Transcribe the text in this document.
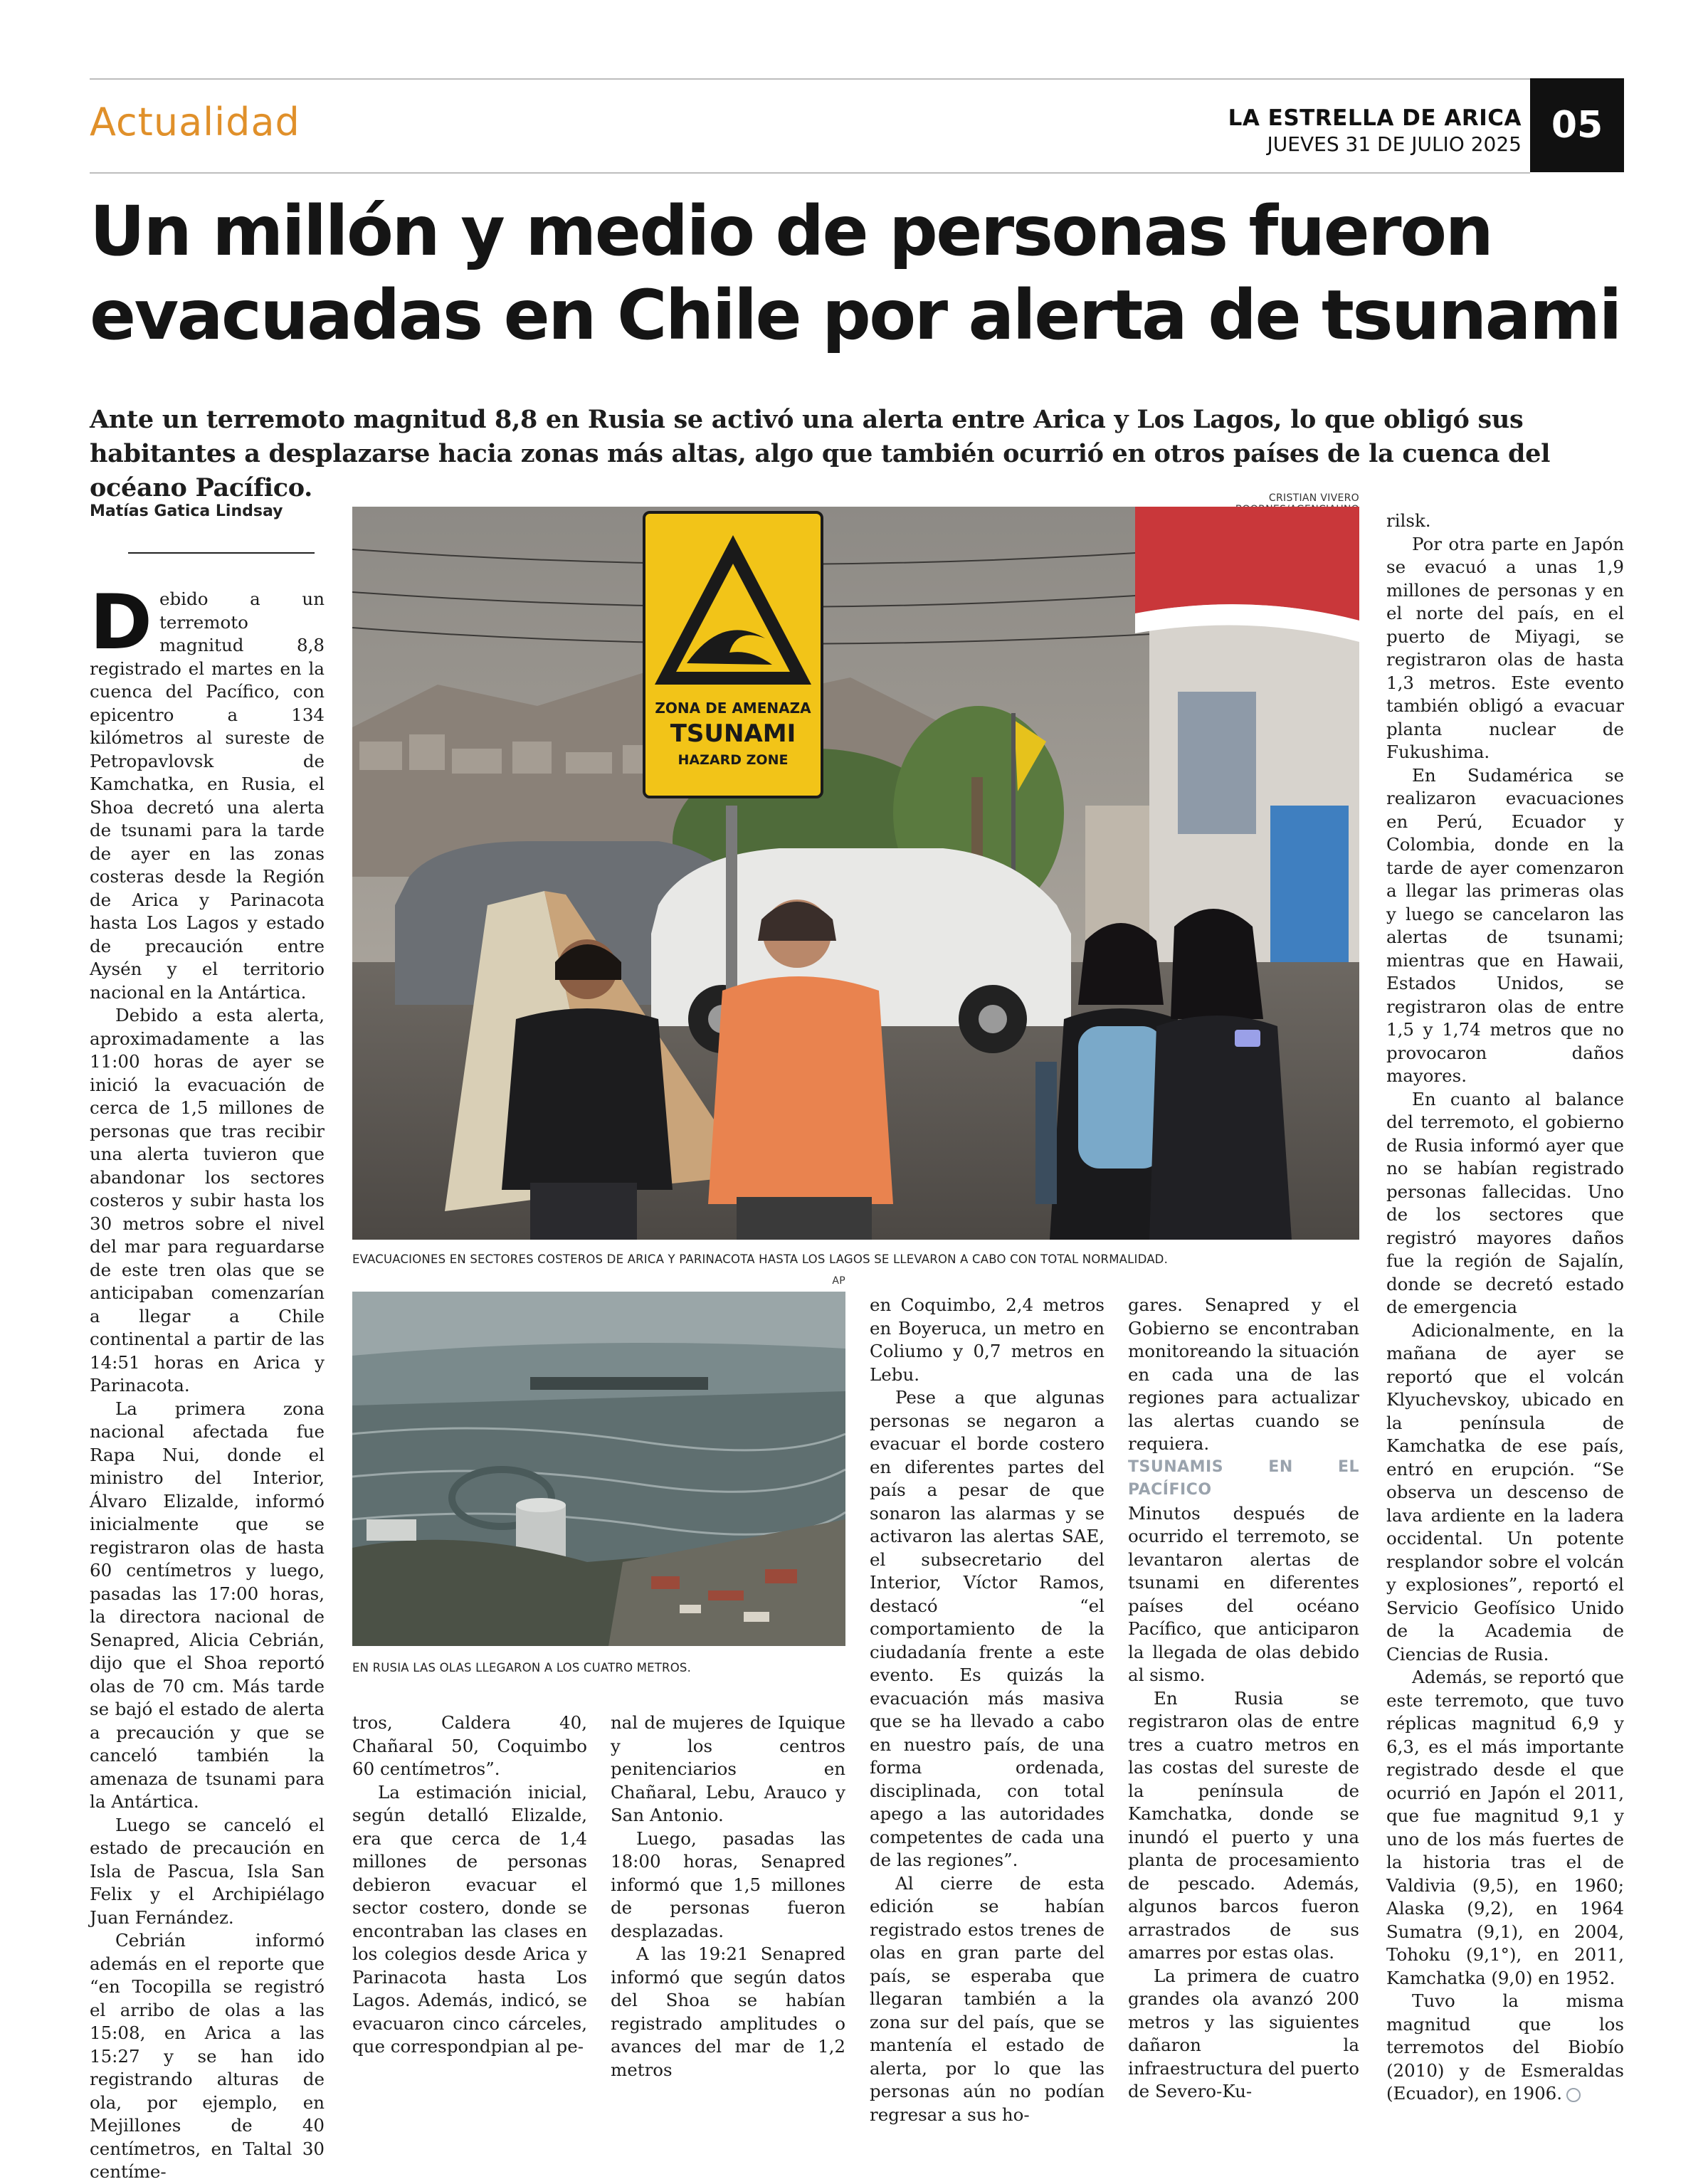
Actualidad	LA ESTRELLA DE ARICA
JUEVES 31 DE JULIO 2025 05
Un millón y medio de personas fueron evacuadas en Chile por alerta de tsunami
Ante un terremoto magnitud 8,8 en Rusia se activó una alerta entre Arica y Los Lagos, lo que obligó sus habitantes a desplazarse hacia zonas más altas, algo que también ocurrió en otros países de la cuenca del océano Pacífico.
Matías Gatica Lindsay
CRISTIAN VIVERO
ZONA DE AMENAZA
TSUNAMI
HAZARD ZONE
EVACUACIONES EN SECTORES COSTEROS DE ARICA Y PARINACOTA HASTA LOS LAGOS SE LLEVARON A CABO CON TOTAL NORMALIDAD.
AP
EN RUSIA LAS OLAS LLEGARON A LOS CUATRO METROS.

Debido a un terremoto magnitud 8,8 registrado el martes en la cuenca del Pacífico, con epicentro a 134 kilómetros al sureste de Petropavlovsk de Kamchatka, en Rusia, el Shoa decretó una alerta de tsunami para la tarde de ayer en las zonas costeras desde la Región de Arica y Parinacota hasta Los Lagos y estado de precaución entre Aysén y el territorio nacional en la Antártica.

Debido a esta alerta, aproximadamente a las 11:00 horas de ayer se inició la evacuación de cerca de 1,5 millones de personas que tras recibir una alerta tuvieron que abandonar los sectores costeros y subir hasta los 30 metros sobre el nivel del mar para reguardarse de este tren olas que se anticipaban comenzarían a llegar a Chile continental a partir de las 14:51 horas en Arica y Parinacota.

La primera zona nacional afectada fue Rapa Nui, donde el ministro del Interior, Álvaro Elizalde, informó inicialmente que se registraron olas de hasta 60 centímetros y luego, pasadas las 17:00 horas, la directora nacional de Senapred, Alicia Cebrián, dijo que el Shoa reportó olas de 70 cm. Más tarde se bajó el estado de alerta a precaución y que se canceló también la amenaza de tsunami para la Antártica.

Luego se canceló el estado de precaución en Isla de Pascua, Isla San Felix y el Archipiélago Juan Fernández.

Cebrián informó además en el reporte que “en Tocopilla se registró el arribo de olas a las 15:08, en Arica a las 15:27 y se han ido registrando alturas de ola, por ejemplo, en Mejillones de 40 centímetros, en Taltal 30 centíme-

tros, Caldera 40, Chañaral 50, Coquimbo 60 centímetros”.

La estimación inicial, según detalló Elizalde, era que cerca de 1,4 millones de personas debieron evacuar el sector costero, donde se encontraban las clases en los colegios desde Arica y Parinacota hasta Los Lagos. Además, indicó, se evacuaron cinco cárceles, que correspondpian al pe-

nal de mujeres de Iquique y los centros penitenciarios en Chañaral, Lebu, Arauco y San Antonio.

Luego, pasadas las 18:00 horas, Senapred informó que 1,5 millones de personas fueron desplazadas.

A las 19:21 Senapred informó que según datos del Shoa se habían registrado amplitudes o avances del mar de 1,2 metros

en Coquimbo, 2,4 metros en Boyeruca, un metro en Coliumo y 0,7 metros en Lebu.

Pese a que algunas personas se negaron a evacuar el borde costero en diferentes partes del país a pesar de que sonaron las alarmas y se activaron las alertas SAE, el subsecretario del Interior, Víctor Ramos, destacó “el comportamiento de la ciudadanía frente a este evento. Es quizás la evacuación más masiva que se ha llevado a cabo en nuestro país, de una forma ordenada, disciplinada, con total apego a las autoridades competentes de cada una de las regiones”.

Al cierre de esta edición se habían registrado estos trenes de olas en gran parte del país, se esperaba que llegaran también a la zona sur del país, que se mantenía el estado de alerta, por lo que las personas aún no podían regresar a sus ho-

gares. Senapred y el Gobierno se encontraban monitoreando la situación en cada una de las regiones para actualizar las alertas cuando se requiera.

TSUNAMIS EN EL PACÍFICO

Minutos después de ocurrido el terremoto, se levantaron alertas de tsunami en diferentes países del océano Pacífico, que anticiparon la llegada de olas debido al sismo.

En Rusia se registraron olas de entre tres a cuatro metros en las costas del sureste de la península de Kamchatka, donde se inundó el puerto y una planta de procesamiento de pescado. Además, algunos barcos fueron arrastrados de sus amarres por estas olas.

La primera de cuatro grandes ola avanzó 200 metros y las siguientes dañaron la infraestructura del puerto de Severo-Ku-

rilsk.

Por otra parte en Japón se evacuó a unas 1,9 millones de personas y en el norte del país, en el puerto de Miyagi, se registraron olas de hasta 1,3 metros. Este evento también obligó a evacuar planta nuclear de Fukushima.

En Sudamérica se realizaron evacuaciones en Perú, Ecuador y Colombia, donde en la tarde de ayer comenzaron a llegar las primeras olas y luego se cancelaron las alertas de tsunami; mientras que en Hawaii, Estados Unidos, se registraron olas de entre 1,5 y 1,74 metros que no provocaron daños mayores.

En cuanto al balance del terremoto, el gobierno de Rusia informó ayer que no se habían registrado personas fallecidas. Uno de los sectores que registró mayores daños fue la región de Sajalín, donde se decretó estado de emergencia

Adicionalmente, en la mañana de ayer se reportó que el volcán Klyuchevskoy, ubicado en la península de Kamchatka de ese país, entró en erupción. “Se observa un descenso de lava ardiente en la ladera occidental. Un potente resplandor sobre el volcán y explosiones”, reportó el Servicio Geofísico Unido de la Academia de Ciencias de Rusia.

Además, se reportó que este terremoto, que tuvo réplicas magnitud 6,9 y 6,3, es el más importante registrado desde el que ocurrió en Japón el 2011, que fue magnitud 9,1 y uno de los más fuertes de la historia tras el de Valdivia (9,5), en 1960; Alaska (9,2), en 1964 Sumatra (9,1), en 2004, Tohoku (9,1°), en 2011, Kamchatka (9,0) en 1952.

Tuvo la misma magnitud que los terremotos del Biobío (2010) y de Esmeraldas (Ecuador), en 1906.
